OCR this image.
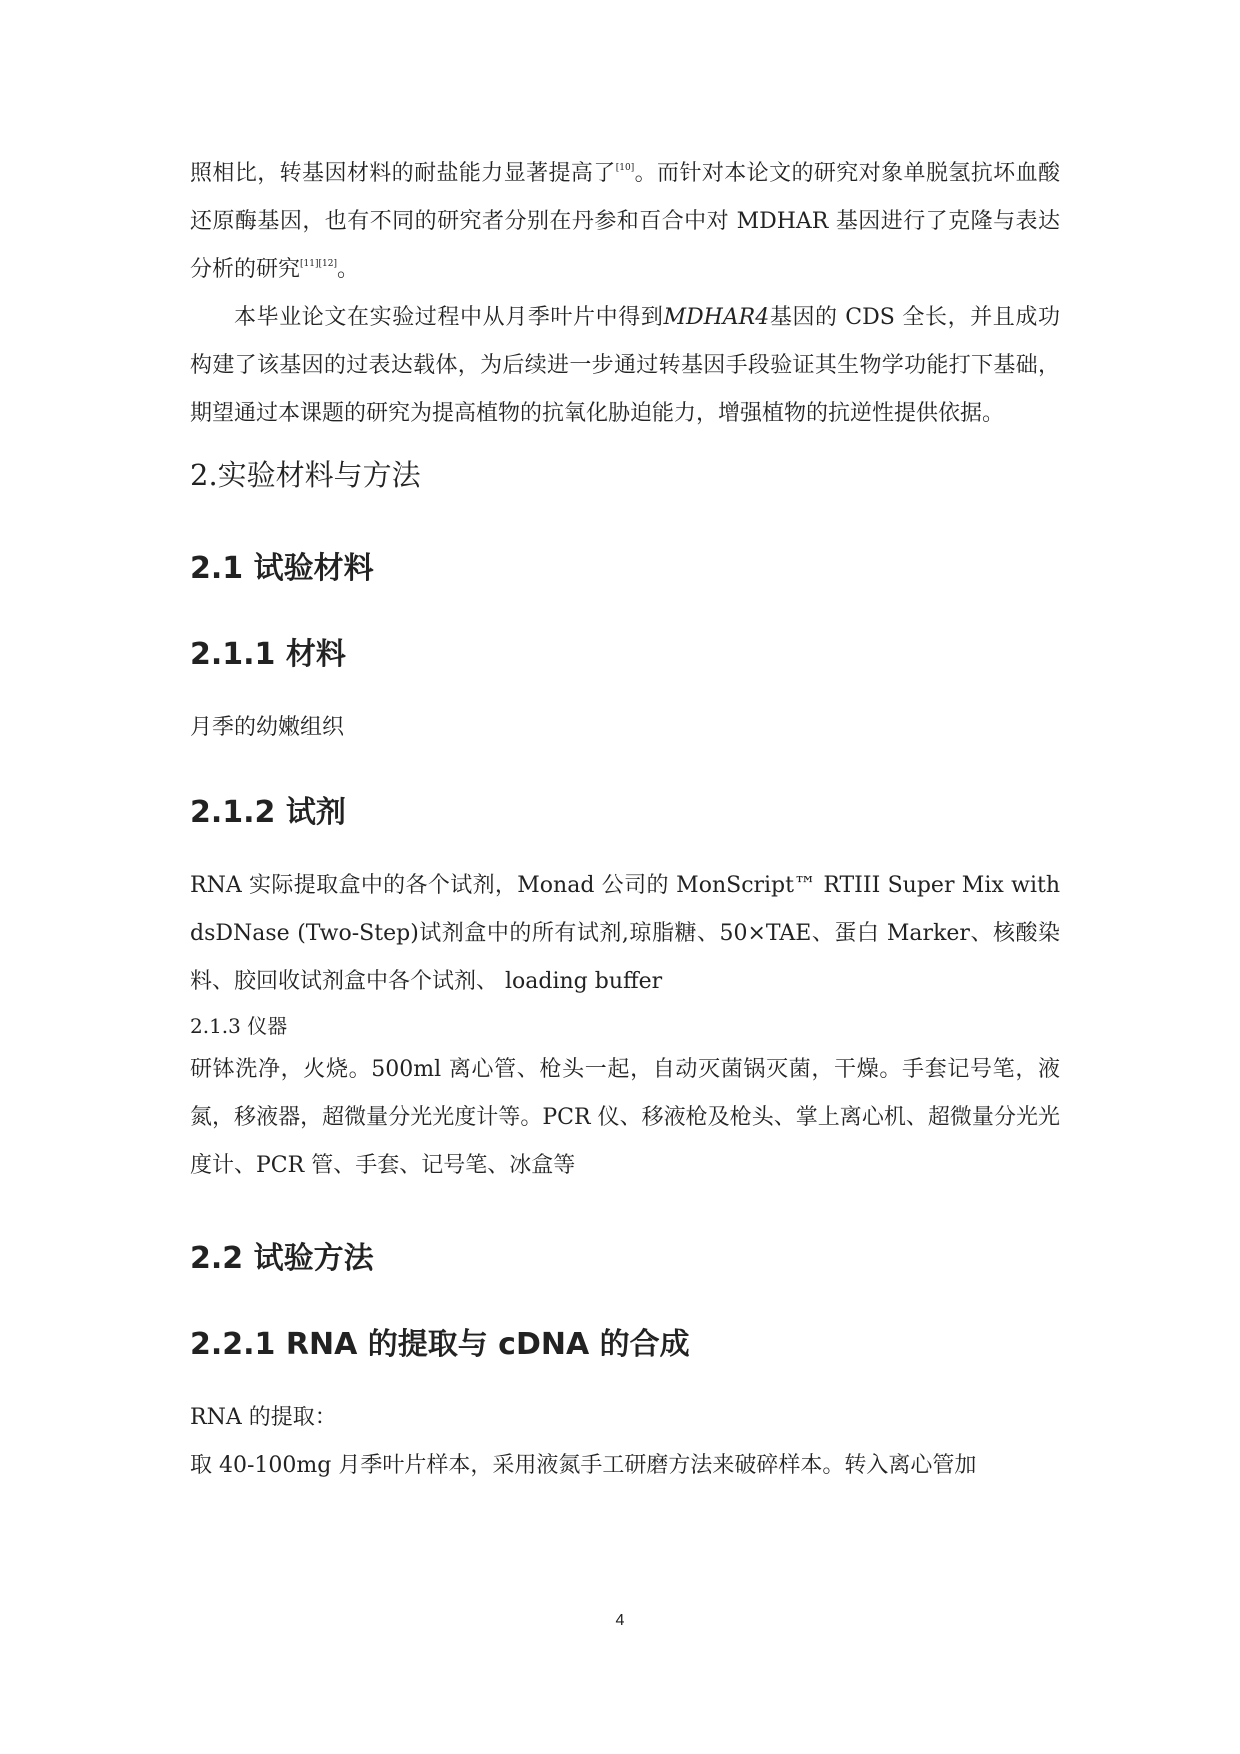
照相比，转基因材料的耐盐能力显著提高了[10]。而针对本论文的研究对象单脱氢抗坏血酸还原酶基因，也有不同的研究者分别在丹参和百合中对 MDHAR 基因进行了克隆与表达分析的研究[11][12]。

本毕业论文在实验过程中从月季叶片中得到MDHAR4基因的 CDS 全长，并且成功构建了该基因的过表达载体，为后续进一步通过转基因手段验证其生物学功能打下基础，期望通过本课题的研究为提高植物的抗氧化胁迫能力，增强植物的抗逆性提供依据。

2.实验材料与方法
2.1 试验材料
2.1.1 材料

月季的幼嫩组织

2.1.2 试剂

RNA 实际提取盒中的各个试剂，Monad 公司的 MonScript™ RTIII Super Mix with dsDNase (Two-Step)试剂盒中的所有试剂,琼脂糖、50×TAE、蛋白 Marker、核酸染料、胶回收试剂盒中各个试剂、 loading buffer

2.1.3 仪器

研钵洗净，火烧。500ml 离心管、枪头一起，自动灭菌锅灭菌，干燥。手套记号笔，液氮，移液器，超微量分光光度计等。PCR 仪、移液枪及枪头、掌上离心机、超微量分光光度计、PCR 管、手套、记号笔、冰盒等

2.2 试验方法
2.2.1 RNA 的提取与 cDNA 的合成

RNA 的提取：

取 40-100mg 月季叶片样本，采用液氮手工研磨方法来破碎样本。转入离心管加

4
